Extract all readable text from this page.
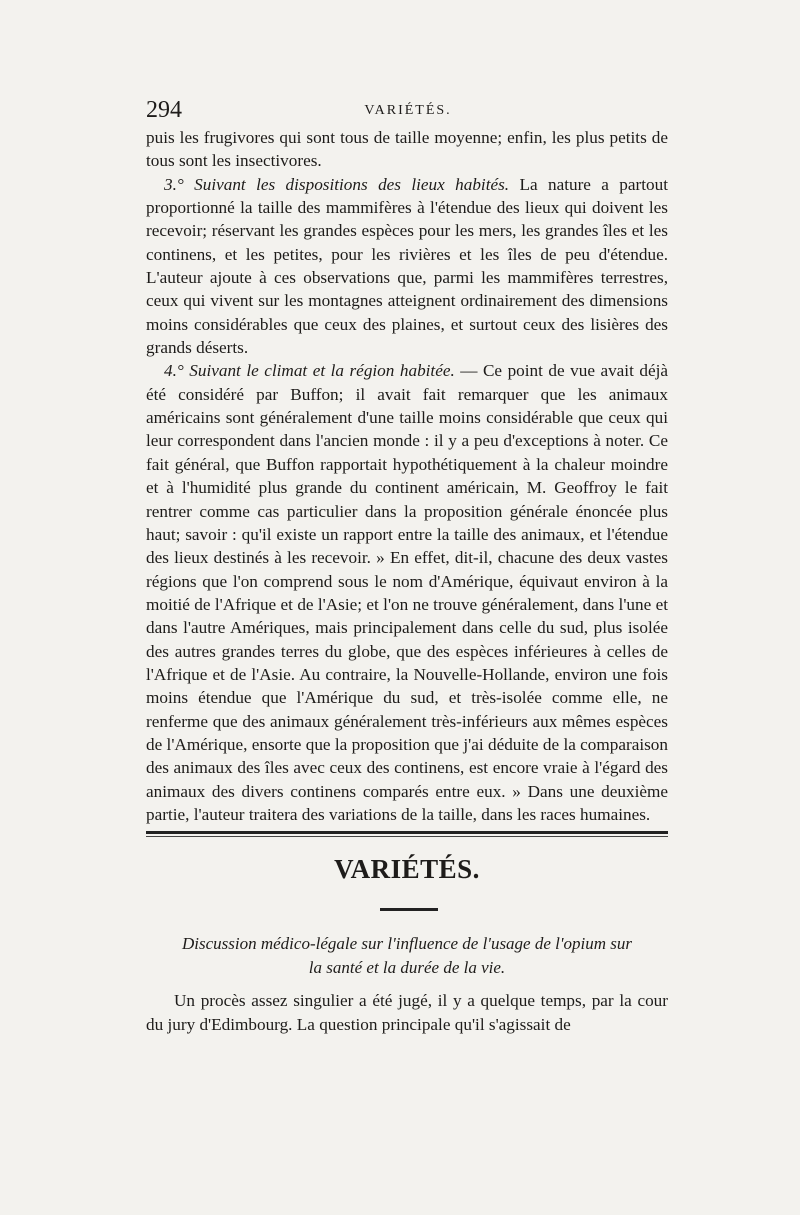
294	VARIÉTÉS.

puis les frugivores qui sont tous de taille moyenne; enfin, les plus petits de tous sont les insectivores.

3.° Suivant les dispositions des lieux habités. La nature a partout proportionné la taille des mammifères à l'étendue des lieux qui doivent les recevoir; réservant les grandes espèces pour les mers, les grandes îles et les continens, et les petites, pour les rivières et les îles de peu d'étendue. L'auteur ajoute à ces observations que, parmi les mammifères terrestres, ceux qui vivent sur les montagnes atteignent ordinairement des dimensions moins considérables que ceux des plaines, et surtout ceux des lisières des grands déserts.

4.° Suivant le climat et la région habitée. — Ce point de vue avait déjà été considéré par Buffon; il avait fait remarquer que les animaux américains sont généralement d'une taille moins considérable que ceux qui leur correspondent dans l'ancien monde : il y a peu d'exceptions à noter. Ce fait général, que Buffon rapportait hypothétiquement à la chaleur moindre et à l'humidité plus grande du continent américain, M. Geoffroy le fait rentrer comme cas particulier dans la proposition générale énoncée plus haut; savoir : qu'il existe un rapport entre la taille des animaux, et l'étendue des lieux destinés à les recevoir. » En effet, dit-il, chacune des deux vastes régions que l'on comprend sous le nom d'Amérique, équivaut environ à la moitié de l'Afrique et de l'Asie; et l'on ne trouve généralement, dans l'une et dans l'autre Amériques, mais principalement dans celle du sud, plus isolée des autres grandes terres du globe, que des espèces inférieures à celles de l'Afrique et de l'Asie. Au contraire, la Nouvelle-Hollande, environ une fois moins étendue que l'Amérique du sud, et très-isolée comme elle, ne renferme que des animaux généralement très-inférieurs aux mêmes espèces de l'Amérique, ensorte que la proposition que j'ai déduite de la comparaison des animaux des îles avec ceux des continens, est encore vraie à l'égard des animaux des divers continens comparés entre eux. » Dans une deuxième partie, l'auteur traitera des variations de la taille, dans les races humaines.

VARIÉTÉS.
Discussion médico-légale sur l'influence de l'usage de l'opium sur
la santé et la durée de la vie.

Un procès assez singulier a été jugé, il y a quelque temps, par la cour du jury d'Edimbourg. La question principale qu'il s'agissait de
